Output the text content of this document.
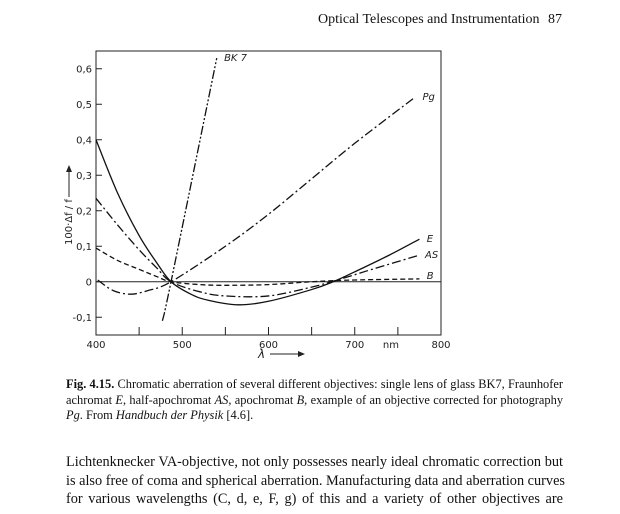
Optical Telescopes and Instrumentation 87
-0,1
0
0,1
0,2
0,3
0,4
0,5
0,6
400	500	600	700	800
nm
BK 7
Pg
E
AS
B
λ
100·Δf / f
Fig. 4.15. Chromatic aberration of several different objectives: single lens of glass BK7, Fraunhofer achromat E, half-apochromat AS, apochromat B, example of an objective corrected for photography Pg. From Handbuch der Physik [4.6].

Lichtenknecker VA-objective, not only possesses nearly ideal chromatic correction but

is also free of coma and spherical aberration. Manufacturing data and aberration curves

for various wavelengths (C, d, e, F, g) of this and a variety of other objectives are
